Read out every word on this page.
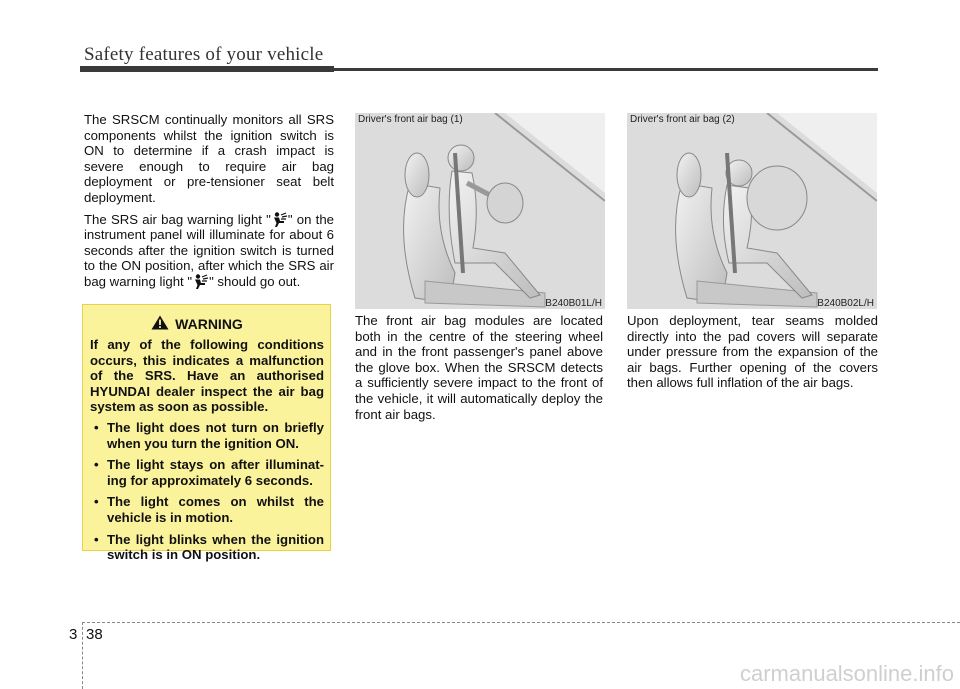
Safety features of your vehicle

The SRSCM continually monitors all SRS components whilst the ignition switch is ON to determine if a crash impact is severe enough to require air bag deployment or pre-tensioner seat belt deployment.

The SRS air bag warning light " " on the instrument panel will illuminate for about 6 seconds after the ignition switch is turned to the ON position, after which the SRS air bag warning light " " should go out.

WARNING

If any of the following conditions occurs, this indicates a malfunction of the SRS. Have an authorised HYUNDAI dealer inspect the air bag system as soon as possible.

• The light does not turn on briefly when you turn the ignition ON.
• The light stays on after illuminat-ing for approximately 6 seconds.
• The light comes on whilst the vehicle is in motion.
• The light blinks when the ignition switch is in ON position.
Driver's front air bag (1)
B240B01L/H
Driver's front air bag (2)
B240B02L/H

The front air bag modules are located both in the centre of the steering wheel and in the front passenger's panel above the glove box. When the SRSCM detects a sufficiently severe impact to the front of the vehicle, it will automatically deploy the front air bags.

Upon deployment, tear seams molded directly into the pad covers will separate under pressure from the expansion of the air bags. Further opening of the covers then allows full inflation of the air bags.

3 38
carmanualsonline.info
